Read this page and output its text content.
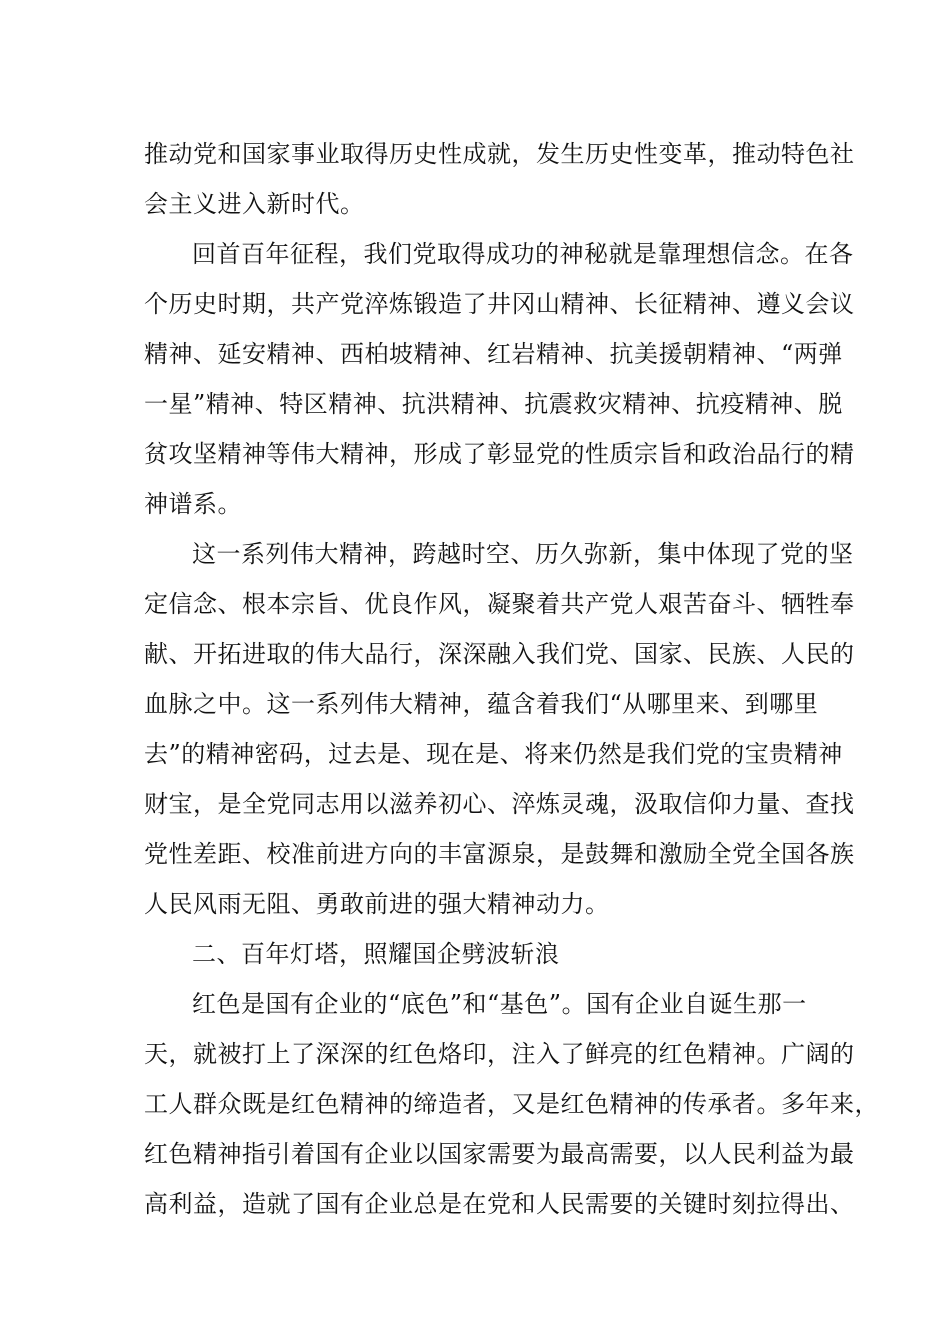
推动党和国家事业取得历史性成就，发生历史性变革，推动特色社
会主义进入新时代。
回首百年征程，我们党取得成功的神秘就是靠理想信念。在各
个历史时期，共产党淬炼锻造了井冈山精神、长征精神、遵义会议
精神、延安精神、西柏坡精神、红岩精神、抗美援朝精神、“两弹
一星”精神、特区精神、抗洪精神、抗震救灾精神、抗疫精神、脱
贫攻坚精神等伟大精神，形成了彰显党的性质宗旨和政治品行的精
神谱系。
这一系列伟大精神，跨越时空、历久弥新，集中体现了党的坚
定信念、根本宗旨、优良作风，凝聚着共产党人艰苦奋斗、牺牲奉
献、开拓进取的伟大品行，深深融入我们党、国家、民族、人民的
血脉之中。这一系列伟大精神，蕴含着我们“从哪里来、到哪里
去”的精神密码，过去是、现在是、将来仍然是我们党的宝贵精神
财宝，是全党同志用以滋养初心、淬炼灵魂，汲取信仰力量、查找
党性差距、校准前进方向的丰富源泉，是鼓舞和激励全党全国各族
人民风雨无阻、勇敢前进的强大精神动力。
二、百年灯塔，照耀国企劈波斩浪
红色是国有企业的“底色”和“基色”。国有企业自诞生那一
天，就被打上了深深的红色烙印，注入了鲜亮的红色精神。广阔的
工人群众既是红色精神的缔造者，又是红色精神的传承者。多年来，
红色精神指引着国有企业以国家需要为最高需要，以人民利益为最
高利益，造就了国有企业总是在党和人民需要的关键时刻拉得出、
